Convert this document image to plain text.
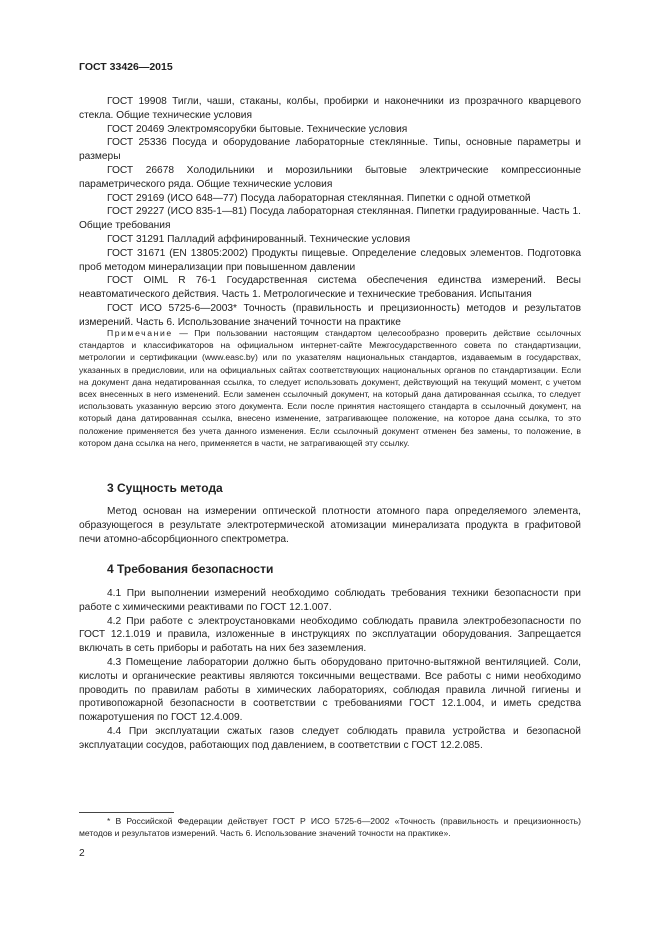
ГОСТ 33426—2015

ГОСТ 19908 Тигли, чаши, стаканы, колбы, пробирки и наконечники из прозрачного кварцевого стекла. Общие технические условия

ГОСТ 20469 Электромясорубки бытовые. Технические условия

ГОСТ 25336 Посуда и оборудование лабораторные стеклянные. Типы, основные параметры и размеры

ГОСТ 26678 Холодильники и морозильники бытовые электрические компрессионные параметрического ряда. Общие технические условия

ГОСТ 29169 (ИСО 648—77) Посуда лабораторная стеклянная. Пипетки с одной отметкой

ГОСТ 29227 (ИСО 835-1—81) Посуда лабораторная стеклянная. Пипетки градуированные. Часть 1. Общие требования

ГОСТ 31291 Палладий аффинированный. Технические условия

ГОСТ 31671 (EN 13805:2002) Продукты пищевые. Определение следовых элементов. Подготовка проб методом минерализации при повышенном давлении

ГОСТ OIML R 76-1 Государственная система обеспечения единства измерений. Весы неавтоматического действия. Часть 1. Метрологические и технические требования. Испытания

ГОСТ ИСО 5725-6—2003* Точность (правильность и прецизионность) методов и результатов измерений. Часть 6. Использование значений точности на практике

Примечание — При пользовании настоящим стандартом целесообразно проверить действие ссылочных стандартов и классификаторов на официальном интернет-сайте Межгосударственного совета по стандартизации, метрологии и сертификации (www.easc.by) или по указателям национальных стандартов, издаваемым в государствах, указанных в предисловии, или на официальных сайтах соответствующих национальных органов по стандартизации. Если на документ дана недатированная ссылка, то следует использовать документ, действующий на текущий момент, с учетом всех внесенных в него изменений. Если заменен ссылочный документ, на который дана датированная ссылка, то следует использовать указанную версию этого документа. Если после принятия настоящего стандарта в ссылочный документ, на который дана датированная ссылка, внесено изменение, затрагивающее положение, на которое дана ссылка, то это положение применяется без учета данного изменения. Если ссылочный документ отменен без замены, то положение, в котором дана ссылка на него, применяется в части, не затрагивающей эту ссылку.
3 Сущность метода

Метод основан на измерении оптической плотности атомного пара определяемого элемента, образующегося в результате электротермической атомизации минерализата продукта в графитовой печи атомно-абсорбционного спектрометра.

4 Требования безопасности

4.1 При выполнении измерений необходимо соблюдать требования техники безопасности при работе с химическими реактивами по ГОСТ 12.1.007.

4.2 При работе с электроустановками необходимо соблюдать правила электробезопасности по ГОСТ 12.1.019 и правила, изложенные в инструкциях по эксплуатации оборудования. Запрещается включать в сеть приборы и работать на них без заземления.

4.3 Помещение лаборатории должно быть оборудовано приточно-вытяжной вентиляцией. Соли, кислоты и органические реактивы являются токсичными веществами. Все работы с ними необходимо проводить по правилам работы в химических лабораториях, соблюдая правила личной гигиены и противопожарной безопасности в соответствии с требованиями ГОСТ 12.1.004, и иметь средства пожаротушения по ГОСТ 12.4.009.

4.4 При эксплуатации сжатых газов следует соблюдать правила устройства и безопасной эксплуатации сосудов, работающих под давлением, в соответствии с ГОСТ 12.2.085.

* В Российской Федерации действует ГОСТ Р ИСО 5725-6—2002 «Точность (правильность и прецизионность) методов и результатов измерений. Часть 6. Использование значений точности на практике».
2
